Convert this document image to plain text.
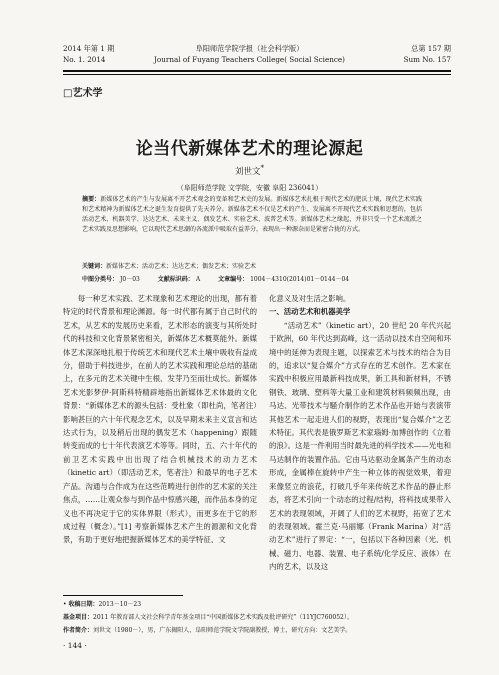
2014 年第 1 期
No. 1. 2014
阜阳师范学院学报（社会科学版）
Journal of Fuyang Teachers College( Social Science)
总第 157 期
Sum No. 157
□艺术学
论当代新媒体艺术的理论源起
刘世文*
（阜阳师范学院 文学院，安徽 阜阳 236041）
摘要：新媒体艺术的产生与发展离不开艺术观念的变革和艺术史的发展。新媒体艺术扎根于现代艺术的肥沃土壤，现代艺术实践和艺术精神为新媒体艺术之诞生发育提供了先天养分。新媒体艺术不仅是艺术的产生、发展离不开现代艺术实践和思想的，包括活动艺术、机器美学、达达艺术、未来主义、偶发艺术、实验艺术、波普艺术等。新媒体艺术之缘起，并非只受一个艺术流派之艺术实践及思想影响，它以现代艺术思潮的各流派中吸取有益养分，表现出一种源杂而是紧密合拢的方式。
关键词：新媒体艺术；活动艺术；达达艺术；偶发艺术；实验艺术
中图分类号： J0－03	文献标识码： A	文章编号： 1004－4310(2014)01－0144－04

每一种艺术实践、艺术现象和艺术理论的出现，都有着特定的时代背景和理论渊源。每一时代都有属于自己时代的艺术，从艺术的发展历史来看，艺术形态的演变与其所处时代的科技和文化背景紧密相关，新媒体艺术概莫能外。新媒体艺术深深地扎根于传统艺术和现代艺术土壤中吸收有益成分，借助于科技进步，在前人的艺术实践和理论总结的基础上，在多元的艺术关键中生根、发芽乃至而壮成长。新媒体艺术光影梦伊·阿斯科特精辟地指出新媒体艺术体最的文化背景：“新媒体艺术的源头包括：受杜象（即杜尚，笔者注）影响甚巨的六十年代观念艺术，以及早期未来主义宣言和达达式行为，以及稍后出现的偶发艺术（happening）跟随转变而成的七十年代表演艺术等等。同时，五、六十年代的前卫艺术实践中出出现了结合机械技术的动力艺术（kinetic art）（即活动艺术，笔者注）和最早的电子艺术产品。沟通与合作成为在这些范畴进行创作的艺术家的关注焦点，……让观众参与到作品中惊感兴趣，而作品本身的定义也不再决定于它的实体界限（形式），而更多在于它的形成过程（概念）。”[1] 考察新媒体艺术产生的源源和文化背景，有助于更好地把握新媒体艺术的美学特征、文

化意义及对生活之影响。

一、活动艺术和机器美学

“活动艺术”（kinetic art），20 世纪 20 年代兴起于欧洲，60 年代达到高峰，这一活动以技术自空间和环境中的延伸为表现主题，以探索艺术与技术的结合为目的，追求以“复合媒介”方式存在的艺术创作。艺术家在实践中积极应用最新科技成果，新工具和新材料，不锈钢铁、玻璃、塑料等大量工业和建筑材料频频出现，由马达、光带技术与騒介制作的艺术作品也开始与表演带其他艺术一起走进人们的视野，表现出“复合媒介”之艺术特征。其代表是俄罗斯艺术家瑙姆·加博创作的《立着的浪》。这是一件利用当时最先进的科学技术——光电和马达制作的装置作品。它由马达驱动金属条产生的动态形成，金属棒在旋转中产生一种立体的视觉效果，着迎来像竖立的浪花，打破几乎年来传统艺术作品的静止形态，将艺术引向一个动态的过程/结构，将科技成果带入艺术的表现领域，开阔了人们的艺术视野，拓宽了艺术的表现领域。霍兰克·马丽娜（Frank Marina）对“活动艺术”进行了界定：“一，包括以下各种因素（光、机械、磁力、电器、装置、电子系统/化学反应、液体）在内的艺术，以及这

• 收稿日期：2013－10－23
基金项目：2011 年教育部人文社会科学青年基金项目“中国新媒体艺术实践及批评研究”（11YJC760052）。
作者简介：刘世文（1980－），男，广东揭阳人，阜阳师范学院文学院副教授，博士，研究方向：文艺美学。
· 144 ·
